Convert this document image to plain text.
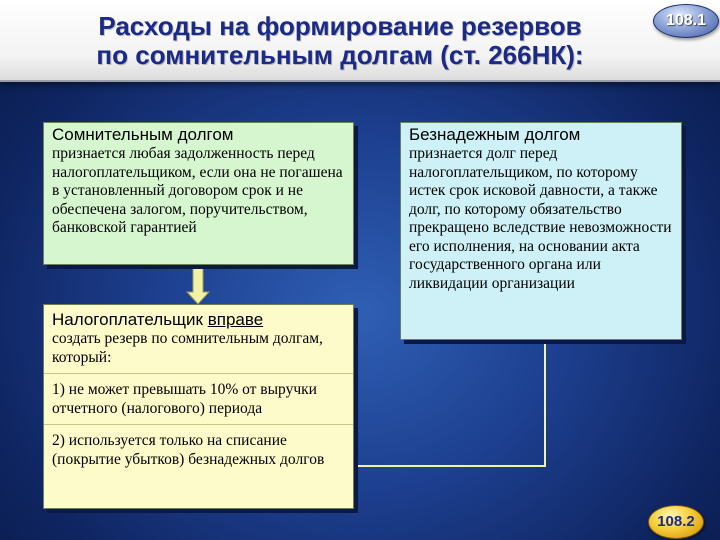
Расходы на формирование резервов
по сомнительным долгам (ст. 266НК):
108.1
Сомнительным долгом
признается любая задолженность перед налогоплательщиком, если она не погашена в установленный договором срок и не обеспечена залогом, поручительством, банковской гарантией
Безнадежным долгом
признается долг перед налогоплательщиком, по которому истек срок исковой давности, а также долг, по которому обязательство прекращено вследствие невозможности его исполнения, на основании акта государственного органа или ликвидации организации
Налогоплательщик вправе
создать резерв по сомнительным долгам, который:
1) не может превышать 10% от выручки отчетного (налогового) периода
2) используется только на списание (покрытие убытков) безнадежных долгов
108.2
